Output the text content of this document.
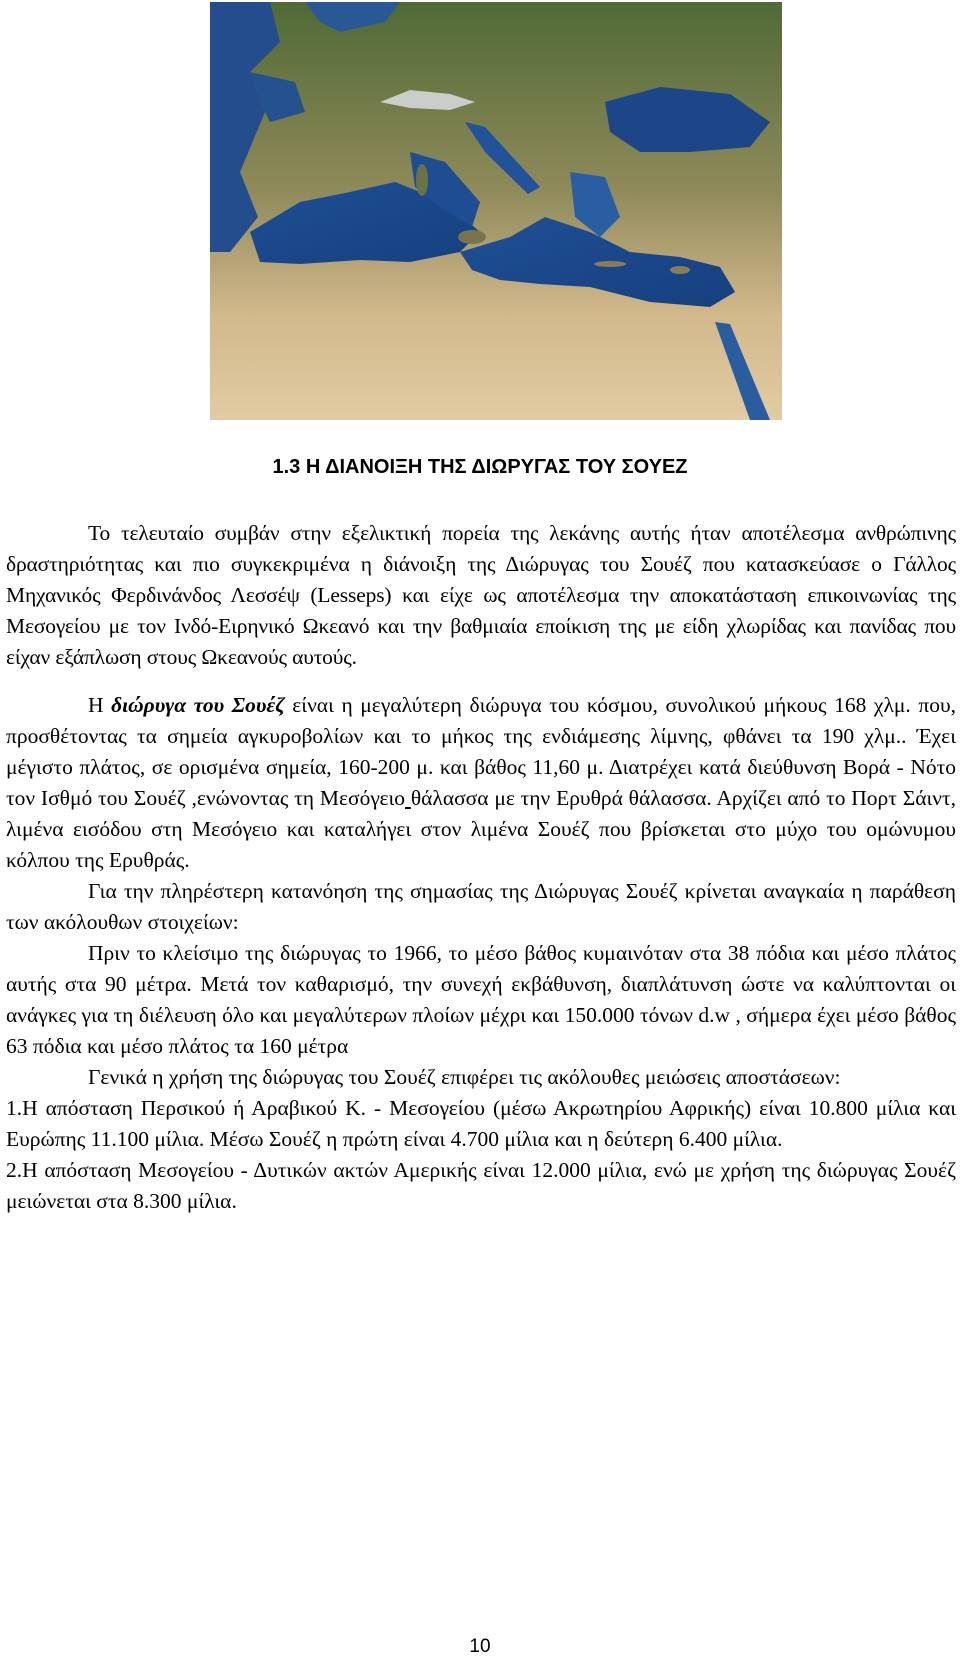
1.3 Η ΔΙΑΝΟΙΞΗ ΤΗΣ ΔΙΩΡΥΓΑΣ ΤΟΥ ΣΟΥΕΖ

Το τελευταίο συμβάν στην εξελικτική πορεία της λεκάνης αυτής ήταν αποτέλεσμα ανθρώπινης δραστηριότητας και πιο συγκεκριμένα η διάνοιξη της Διώρυγας του Σουέζ που κατασκεύασε ο Γάλλος Μηχανικός Φερδινάνδος Λεσσέψ (Lesseps) και είχε ως αποτέλεσμα την αποκατάσταση επικοινωνίας της Μεσογείου με τον Ινδό-Ειρηνικό Ωκεανό και την βαθμιαία εποίκιση της με είδη χλωρίδας και πανίδας που είχαν εξάπλωση στους Ωκεανούς αυτούς.

Η διώρυγα του Σουέζ είναι η μεγαλύτερη διώρυγα του κόσμου, συνολικού μήκους 168 χλμ. που, προσθέτοντας τα σημεία αγκυροβολίων και το μήκος της ενδιάμεσης λίμνης, φθάνει τα 190 χλμ.. Έχει μέγιστο πλάτος, σε ορισμένα σημεία, 160-200 μ. και βάθος 11,60 μ. Διατρέχει κατά διεύθυνση Βορά - Νότο τον Ισθμό του Σουέζ ,ενώνοντας τη Μεσόγειο θάλασσα με την Ερυθρά θάλασσα. Αρχίζει από το Πορτ Σάιντ, λιμένα εισόδου στη Μεσόγειο και καταλήγει στον λιμένα Σουέζ που βρίσκεται στο μύχο του ομώνυμου κόλπου της Ερυθράς.

Για την πληρέστερη κατανόηση της σημασίας της Διώρυγας Σουέζ κρίνεται αναγκαία η παράθεση των ακόλουθων στοιχείων:

Πριν το κλείσιμο της διώρυγας το 1966, το μέσο βάθος κυμαινόταν στα 38 πόδια και μέσο πλάτος αυτής στα 90 μέτρα. Μετά τον καθαρισμό, την συνεχή εκβάθυνση, διαπλάτυνση ώστε να καλύπτονται οι ανάγκες για τη διέλευση όλο και μεγαλύτερων πλοίων μέχρι και 150.000 τόνων d.w , σήμερα έχει μέσο βάθος 63 πόδια και μέσο πλάτος τα 160 μέτρα

Γενικά η χρήση της διώρυγας του Σουέζ επιφέρει τις ακόλουθες μειώσεις αποστάσεων:

1.Η απόσταση Περσικού ή Αραβικού Κ. - Μεσογείου (μέσω Ακρωτηρίου Αφρικής) είναι 10.800 μίλια και Ευρώπης 11.100 μίλια. Μέσω Σουέζ η πρώτη είναι 4.700 μίλια και η δεύτερη 6.400 μίλια.

2.Η απόσταση Μεσογείου - Δυτικών ακτών Αμερικής είναι 12.000 μίλια, ενώ με χρήση της διώρυγας Σουέζ μειώνεται στα 8.300 μίλια.

10
